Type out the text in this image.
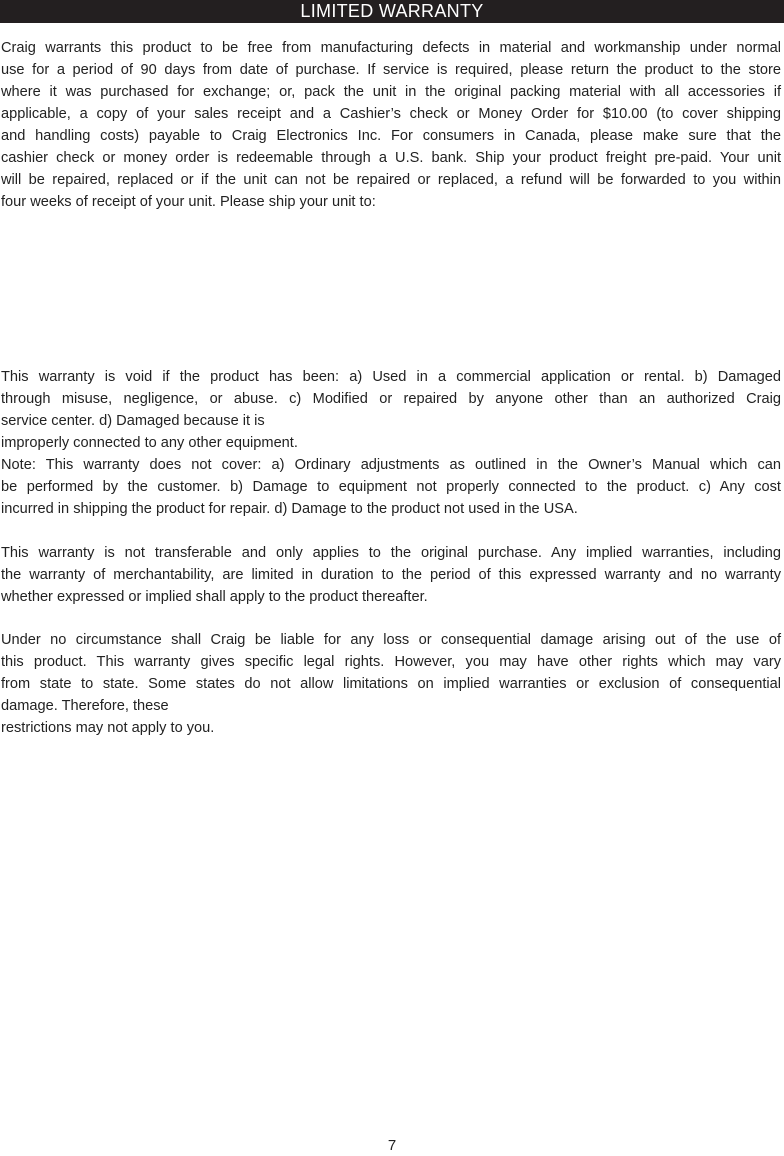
LIMITED WARRANTY
Craig warrants this product to be free from manufacturing defects in material and workmanship under normal
use for a period of 90 days from date of purchase. If service is required, please return the product to the store
where it was purchased for exchange; or, pack the unit in the original packing material with all accessories if
applicable, a copy of your sales receipt and a Cashier’s check or Money Order for $10.00 (to cover shipping
and handling costs) payable to Craig Electronics Inc. For consumers in Canada, please make sure that the
cashier check or money order is redeemable through a U.S. bank. Ship your product freight pre-paid. Your unit
will be repaired, replaced or if the unit can not be repaired or replaced, a refund will be forwarded to you within
four weeks of receipt of your unit. Please ship your unit to:
This warranty is void if the product has been: a) Used in a commercial application or rental. b) Damaged
through misuse, negligence, or abuse. c) Modified or repaired by anyone other than an authorized Craig
service center. d) Damaged because it is
improperly connected to any other equipment.
Note: This warranty does not cover: a) Ordinary adjustments as outlined in the Owner’s Manual which can
be performed by the customer. b) Damage to equipment not properly connected to the product. c) Any cost
incurred in shipping the product for repair. d) Damage to the product not used in the USA.
This warranty is not transferable and only applies to the original purchase. Any implied warranties, including
the warranty of merchantability, are limited in duration to the period of this expressed warranty and no warranty
whether expressed or implied shall apply to the product thereafter.
Under no circumstance shall Craig be liable for any loss or consequential damage arising out of the use of
this product. This warranty gives specific legal rights. However, you may have other rights which may vary
from state to state. Some states do not allow limitations on implied warranties or exclusion of consequential
damage. Therefore, these
restrictions may not apply to you.
7
